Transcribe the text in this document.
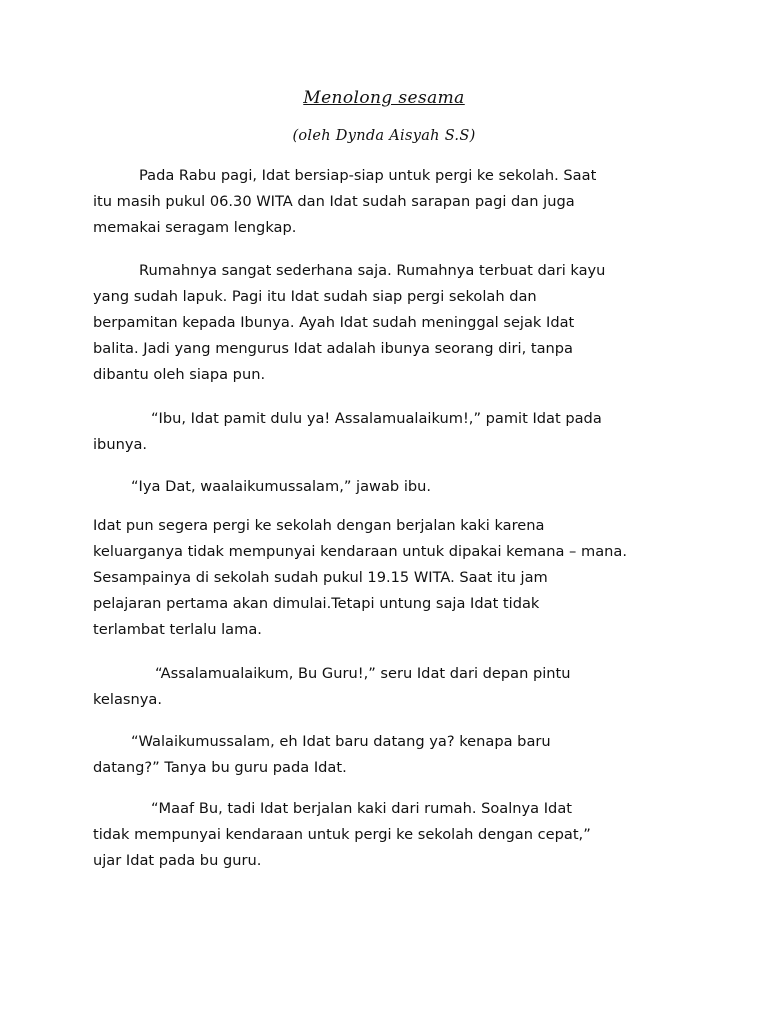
Menolong sesama
(oleh Dynda Aisyah S.S)
Pada Rabu pagi, Idat bersiap-siap untuk pergi ke sekolah. Saat
itu masih pukul 06.30 WITA dan Idat sudah sarapan pagi dan juga
memakai seragam lengkap.
Rumahnya sangat sederhana saja. Rumahnya terbuat dari kayu
yang sudah lapuk. Pagi itu Idat sudah siap pergi sekolah dan
berpamitan kepada Ibunya. Ayah Idat sudah meninggal sejak Idat
balita. Jadi yang mengurus Idat adalah ibunya seorang diri, tanpa
dibantu oleh siapa pun.
“Ibu, Idat pamit dulu ya! Assalamualaikum!,” pamit Idat pada
ibunya.
“Iya Dat, waalaikumussalam,” jawab ibu.
Idat pun segera pergi ke sekolah dengan berjalan kaki karena
keluarganya tidak mempunyai kendaraan untuk dipakai kemana – mana.
Sesampainya di sekolah sudah pukul 19.15 WITA. Saat itu jam
pelajaran pertama akan dimulai.Tetapi untung saja Idat tidak
terlambat terlalu lama.
“Assalamualaikum, Bu Guru!,” seru Idat dari depan pintu
kelasnya.
“Walaikumussalam, eh Idat baru datang ya? kenapa baru
datang?” Tanya bu guru pada Idat.
“Maaf Bu, tadi Idat berjalan kaki dari rumah. Soalnya Idat
tidak mempunyai kendaraan untuk pergi ke sekolah dengan cepat,”
ujar Idat pada bu guru.
